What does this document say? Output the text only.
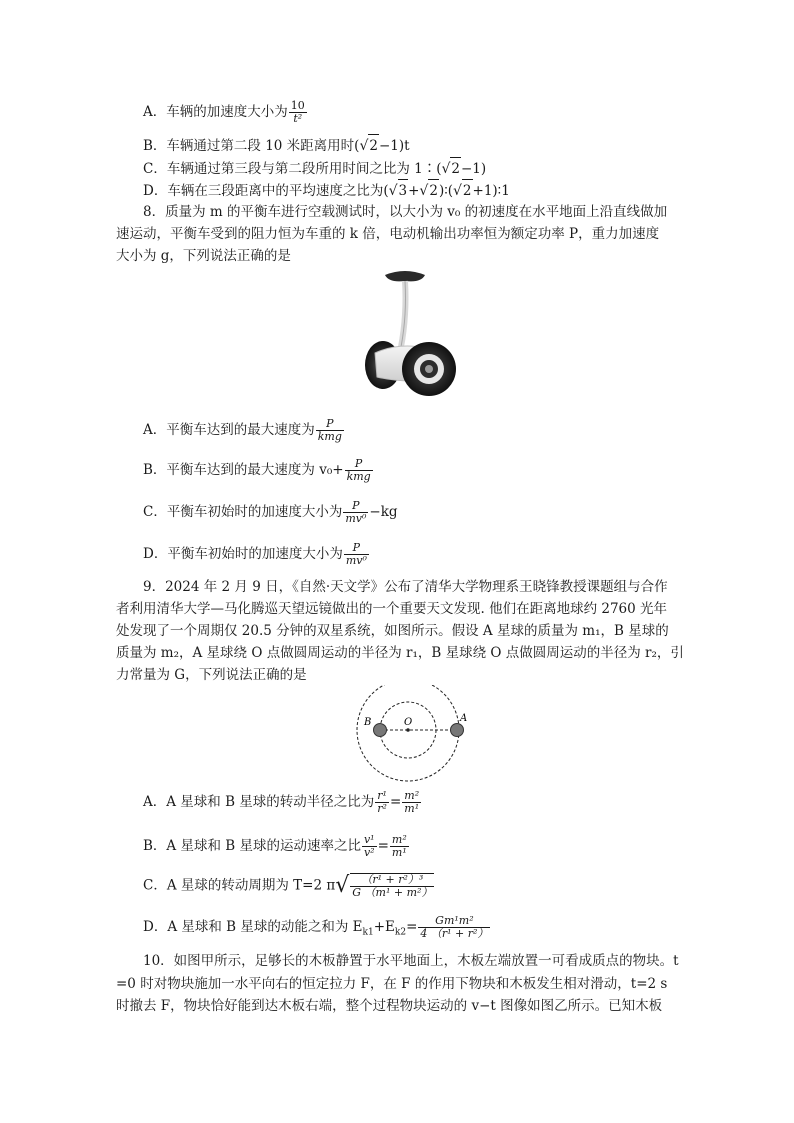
A．车辆的加速度大小为 $\frac{10}{\text{t²}}$
B．车辆通过第二段 10 米距离用时(√2−1)t
C．车辆通过第三段与第二段所用时间之比为 1∶(√2−1)
D．车辆在三段距离中的平均速度之比为(√3+√2)∶(√2+1)∶1
8．质量为 m 的平衡车进行空载测试时，以大小为 v₀ 的初速度在水平地面上沿直线做加
速运动，平衡车受到的阻力恒为车重的 k 倍，电动机输出功率恒为额定功率 P，重力加速度
大小为 g，下列说法正确的是
A．平衡车达到的最大速度为 $\frac{P}{\text{kmg}}$
B．平衡车达到的最大速度为 $v_0+ \frac{P}{\text{kmg}}$
C．平衡车初始时的加速度大小为 $\frac{P}{\text{mv⁰}} -kg$
D．平衡车初始时的加速度大小为 $\frac{P}{\text{mv⁰}}$
9．2024 年 2 月 9 日，《自然·天文学》公布了清华大学物理系王晓锋教授课题组与合作
者利用清华大学—马化腾巡天望远镜做出的一个重要天文发现. 他们在距离地球约 2760 光年
处发现了一个周期仅 20.5 分钟的双星系统，如图所示。假设 A 星球的质量为 m₁，B 星球的
质量为 m₂，A 星球绕 O 点做圆周运动的半径为 r₁，B 星球绕 O 点做圆周运动的半径为 r₂，引
力常量为 G，下列说法正确的是
B	O	A
A．A 星球和 B 星球的转动半径之比为 $\frac{\text{r¹}}{\text{r²}} = \frac{\text{m²}}{\text{m¹}}$
B．A 星球和 B 星球的运动速率之比 $\frac{\text{v¹}}{\text{v²}} = \frac{\text{m²}}{\text{m¹}}$
C．A 星球的转动周期为 T=2 $\pi√ \frac{\text{（r¹ + r²）³}}{\text{G （m¹ + m²）}}$
D．A 星球和 B 星球的动能之和为 $E_{k1}+E_{k2}= \frac{\text{Gm¹m²}}{\text{4 （r¹ + r²）}}$
10．如图甲所示，足够长的木板静置于水平地面上，木板左端放置一可看成质点的物块。t
=0 时对物块施加一水平向右的恒定拉力 F，在 F 的作用下物块和木板发生相对滑动，t=2 s
时撤去 F，物块恰好能到达木板右端，整个过程物块运动的 v−t 图像如图乙所示。已知木板
